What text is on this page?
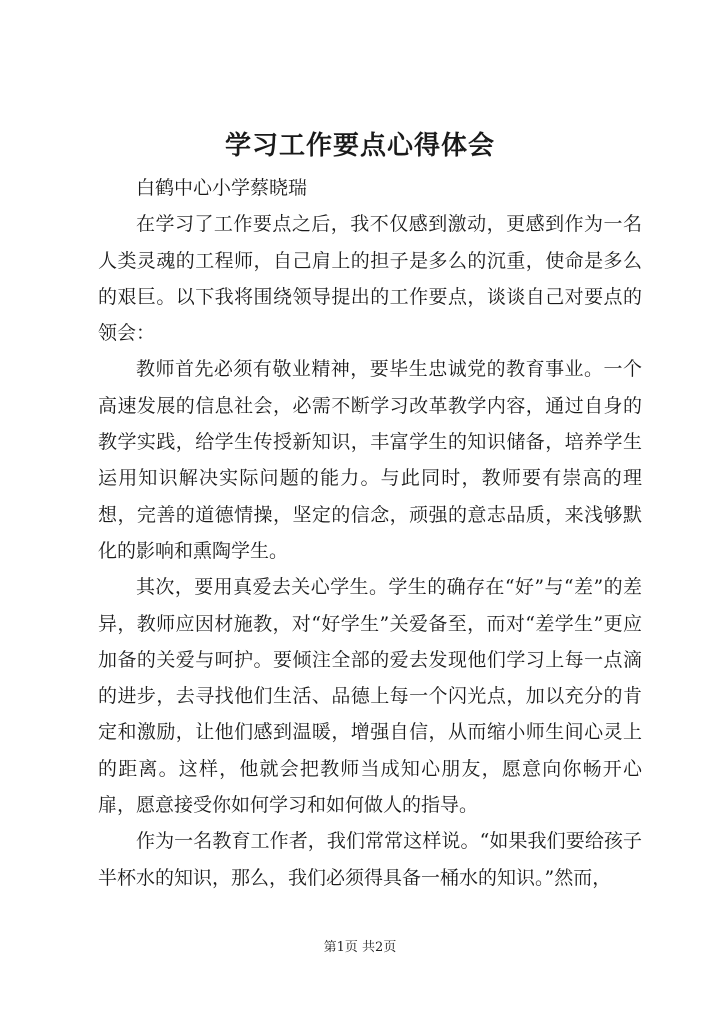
学习工作要点心得体会

白鹤中心小学蔡晓瑞

在学习了工作要点之后，我不仅感到激动，更感到作为一名人类灵魂的工程师，自己肩上的担子是多么的沉重，使命是多么的艰巨。以下我将围绕领导提出的工作要点，谈谈自己对要点的领会：

教师首先必须有敬业精神，要毕生忠诚党的教育事业。一个高速发展的信息社会，必需不断学习改革教学内容，通过自身的教学实践，给学生传授新知识，丰富学生的知识储备，培养学生运用知识解决实际问题的能力。与此同时，教师要有崇高的理想，完善的道德情操，坚定的信念，顽强的意志品质，来浅够默化的影响和熏陶学生。

其次，要用真爱去关心学生。学生的确存在“好”与“差”的差异，教师应因材施教，对“好学生”关爱备至，而对“差学生”更应加备的关爱与呵护。要倾注全部的爱去发现他们学习上每一点滴的进步，去寻找他们生活、品德上每一个闪光点，加以充分的肯定和激励，让他们感到温暖，增强自信，从而缩小师生间心灵上的距离。这样，他就会把教师当成知心朋友，愿意向你畅开心扉，愿意接受你如何学习和如何做人的指导。

作为一名教育工作者，我们常常这样说。“如果我们要给孩子半杯水的知识，那么，我们必须得具备一桶水的知识。”然而，

第1页 共2页
